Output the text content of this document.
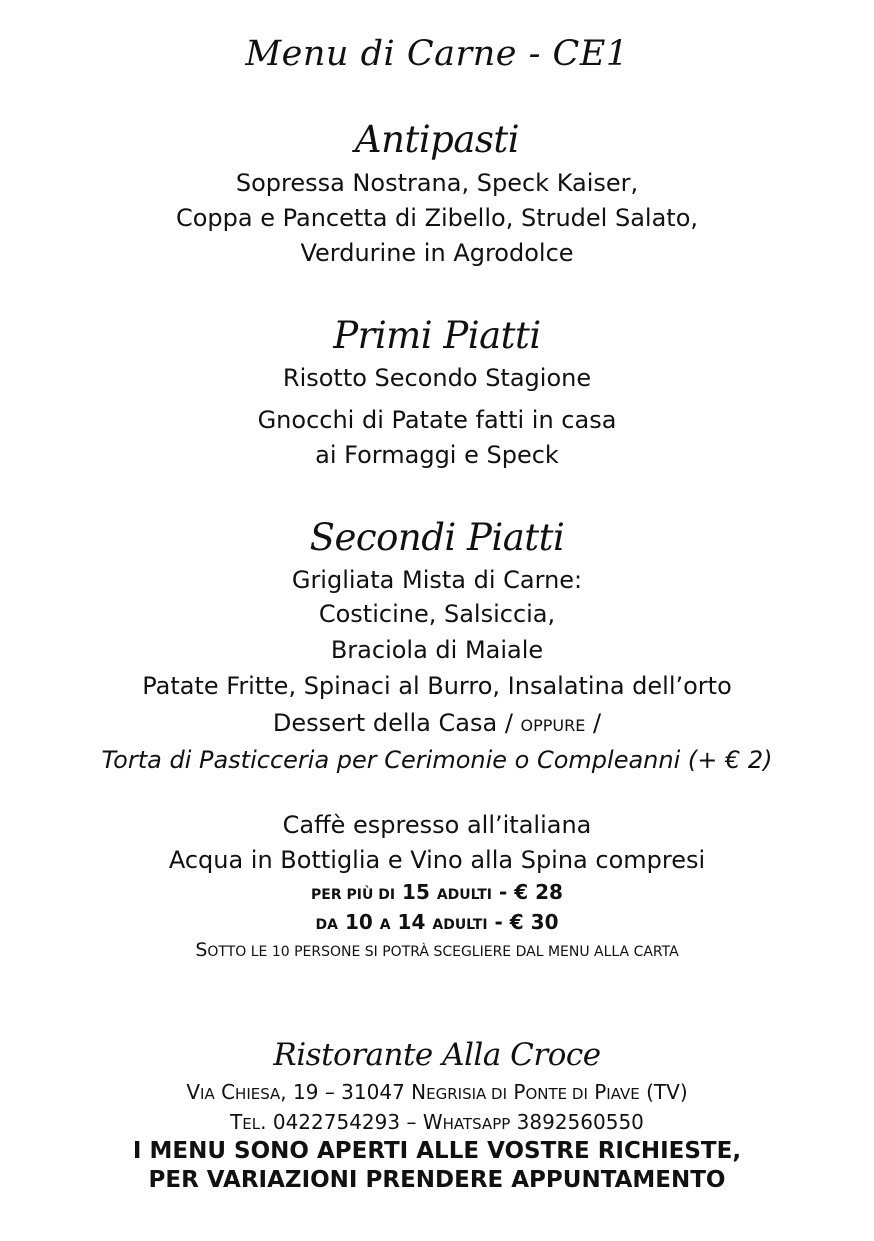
Menu di Carne - CE1
Antipasti
Sopressa Nostrana, Speck Kaiser,
Coppa e Pancetta di Zibello, Strudel Salato,
Verdurine in Agrodolce
Primi Piatti
Risotto Secondo Stagione
Gnocchi di Patate fatti in casa
ai Formaggi e Speck
Secondi Piatti
Grigliata Mista di Carne:
Costicine, Salsiccia,
Braciola di Maiale
Patate Fritte, Spinaci al Burro, Insalatina dell’orto
Dessert della Casa / OPPURE /
Torta di Pasticceria per Cerimonie o Compleanni (+ € 2)
Caffè espresso all’italiana
Acqua in Bottiglia e Vino alla Spina compresi
PER PIÙ DI 15 ADULTI - € 28
DA 10 A 14 ADULTI - € 30
SOTTO LE 10 PERSONE SI POTRÀ SCEGLIERE DAL MENU ALLA CARTA
Ristorante Alla Croce
VIA CHIESA, 19 – 31047 NEGRISIA DI PONTE DI PIAVE (TV)
TEL. 0422754293 – WHATSAPP 3892560550
I MENU SONO APERTI ALLE VOSTRE RICHIESTE,
PER VARIAZIONI PRENDERE APPUNTAMENTO
